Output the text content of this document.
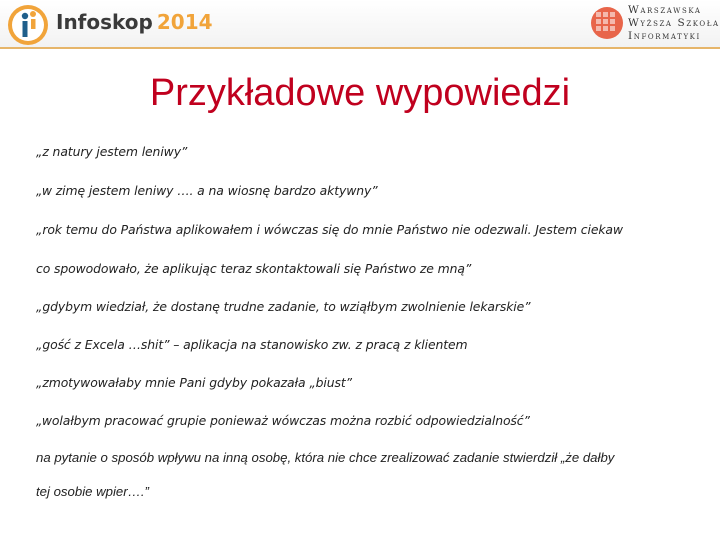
Infoskop 2014	Warszawska
Wyższa Szkoła
Informatyki
Przykładowe wypowiedzi
„z natury jestem leniwy”
„w zimę jestem leniwy …. a na wiosnę bardzo aktywny”
„rok temu do Państwa aplikowałem i wówczas się do mnie Państwo nie odezwali. Jestem ciekaw
co spowodowało, że aplikując teraz skontaktowali się Państwo ze mną”
„gdybym wiedział, że dostanę trudne zadanie, to wziąłbym zwolnienie lekarskie”
„gość z Excela …shit” – aplikacja na stanowisko zw. z pracą z klientem
„zmotywowałaby mnie Pani gdyby pokazała „biust”
„wolałbym pracować grupie ponieważ wówczas można rozbić odpowiedzialność”
na pytanie o sposób wpływu na inną osobę, która nie chce zrealizować zadanie stwierdził „że dałby
tej osobie wpier….”
